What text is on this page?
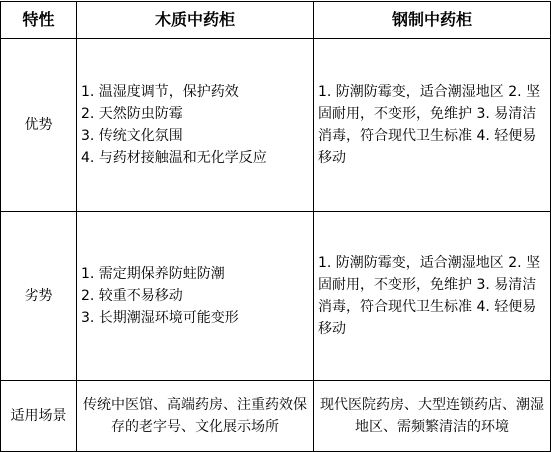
特性	木质中药柜	钢制中药柜
优势	1. 温湿度调节，保护药效
2. 天然防虫防霉
3. 传统文化氛围
4. 与药材接触温和无化学反应	1. 防潮防霉变，适合潮湿地区 2. 坚固耐用，不变形，免维护 3. 易清洁消毒，符合现代卫生标准 4. 轻便易移动
劣势	1. 需定期保养防蛀防潮
2. 较重不易移动
3. 长期潮湿环境可能变形	1. 防潮防霉变，适合潮湿地区 2. 坚固耐用，不变形，免维护 3. 易清洁消毒，符合现代卫生标准 4. 轻便易移动
适用场景	传统中医馆、高端药房、注重药效保存的老字号、文化展示场所	现代医院药房、大型连锁药店、潮湿地区、需频繁清洁的环境
